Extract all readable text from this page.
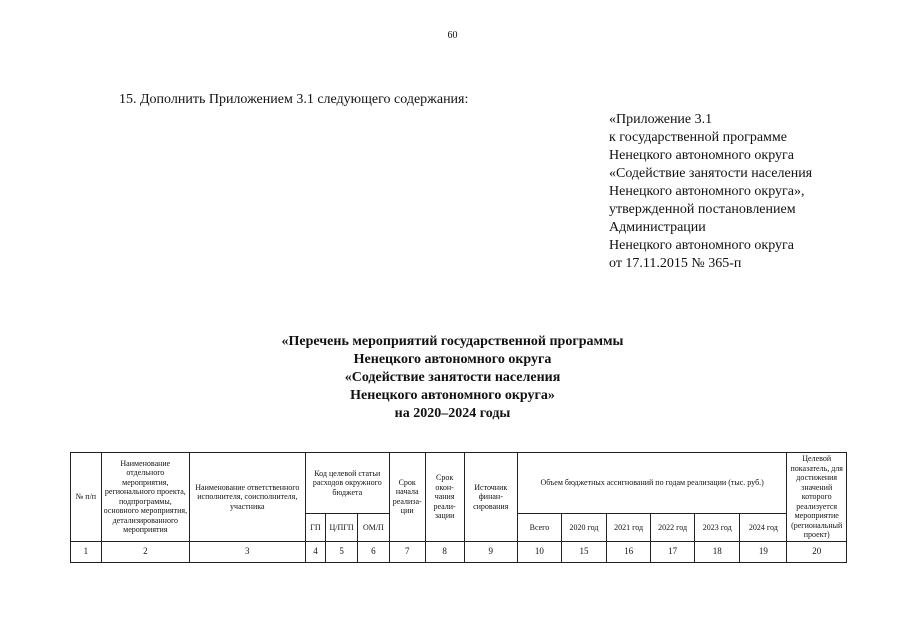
60
15. Дополнить Приложением 3.1 следующего содержания:
«Приложение 3.1
к государственной программе
Ненецкого автономного округа
«Содействие занятости населения
Ненецкого автономного округа»,
утвержденной постановлением
Администрации
Ненецкого автономного округа
от 17.11.2015 № 365-п
«Перечень мероприятий государственной программы
Ненецкого автономного округа
«Содействие занятости населения
Ненецкого автономного округа»
на 2020–2024 годы
№ п/п	Наименование отдельного мероприятия, регионального проекта, подпрограммы, основного мероприятия, детализированного мероприятия	Наименование ответственного исполнителя, соисполнителя, участника	Код целевой статьи расходов окружного бюджета			Срок начала реализа-ции	Срок окон-чания реали-зации	Источник финан-сирования	Объем бюджетных ассигнований по годам реализации (тыс. руб.)						Целевой показатель, для достижения значений которого реализуется мероприятие (региональный проект)
			ГП	Ц/ПГП	ОМ/П				Всего	2020 год	2021 год	2022 год	2023 год	2024 год	
1	2	3	4	5	6	7	8	9	10	15	16	17	18	19	20
